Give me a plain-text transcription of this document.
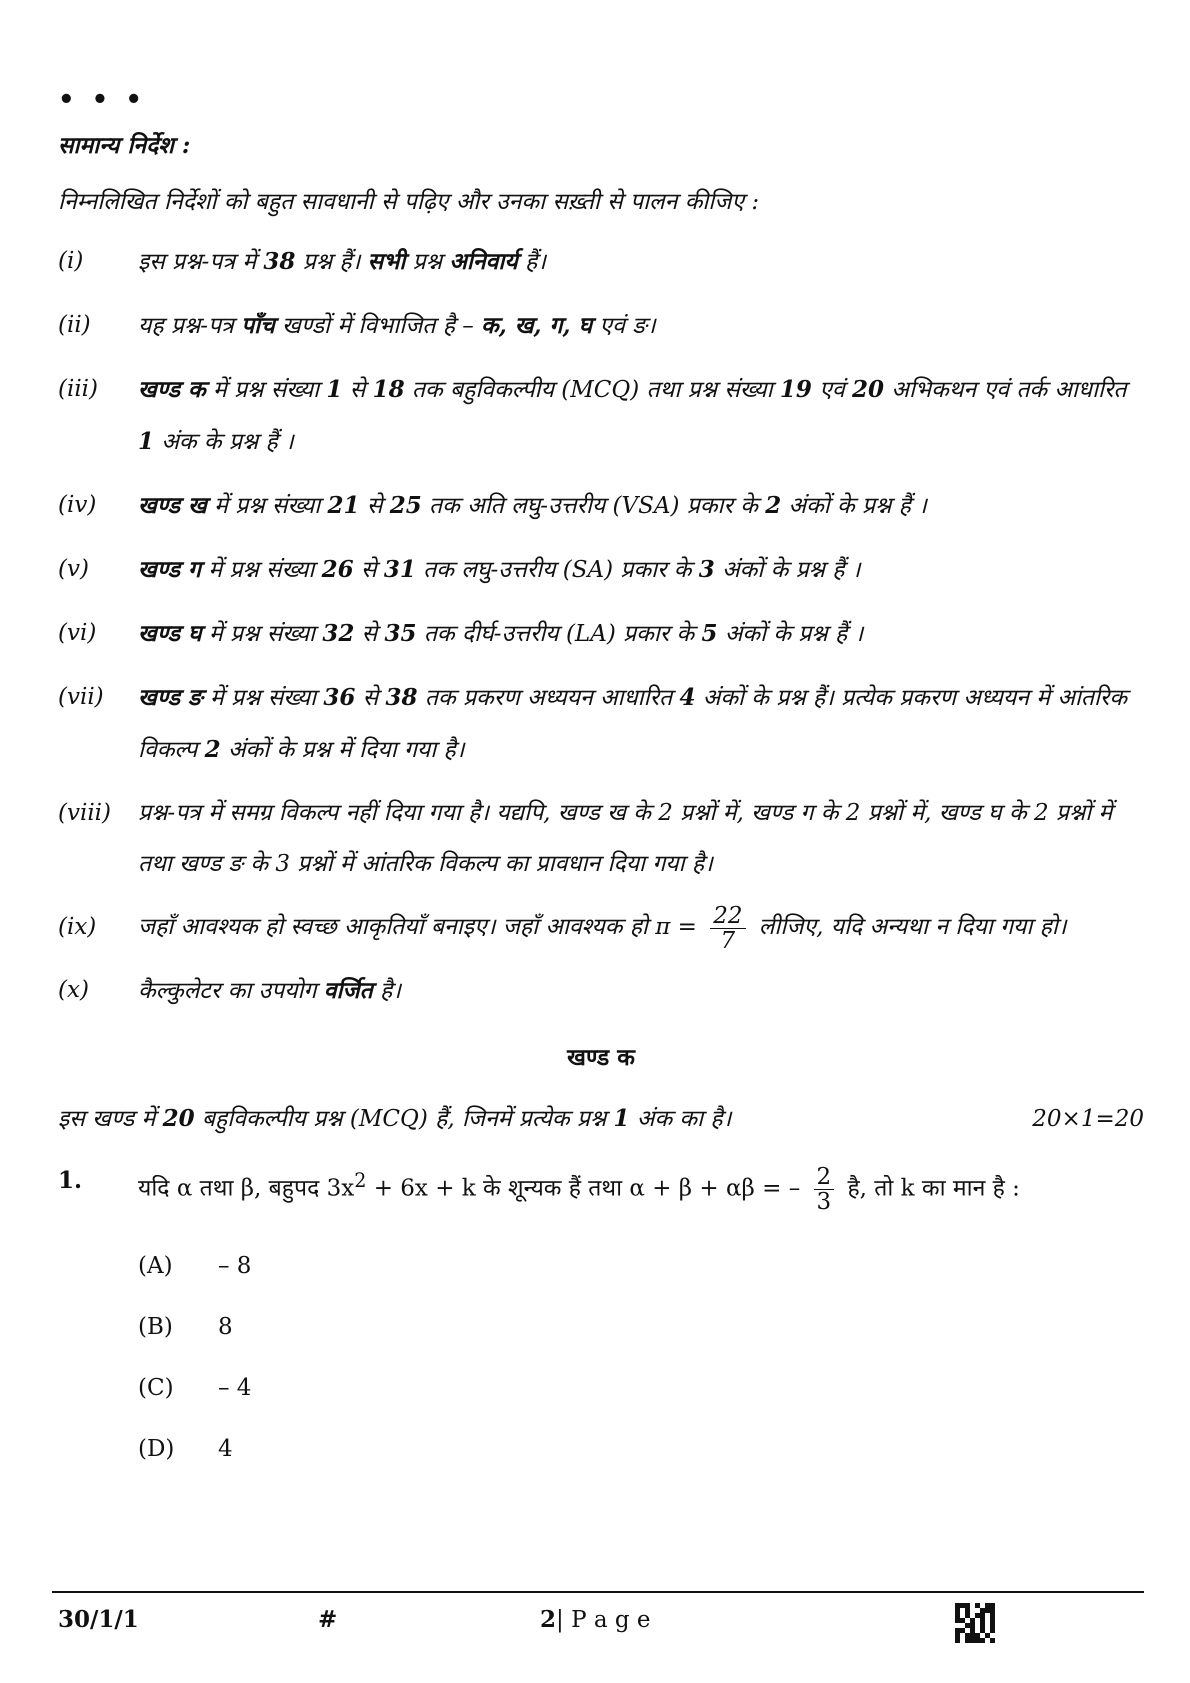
• • •
सामान्य निर्देश :
निम्नलिखित निर्देशों को बहुत सावधानी से पढ़िए और उनका सख़्ती से पालन कीजिए :
(i)	इस प्रश्न-पत्र में 38 प्रश्न हैं। सभी प्रश्न अनिवार्य हैं।
(ii)	यह प्रश्न-पत्र पाँच खण्डों में विभाजित है – क, ख, ग, घ एवं ङ।
(iii)	खण्ड क में प्रश्न संख्या 1 से 18 तक बहुविकल्पीय (MCQ) तथा प्रश्न संख्या 19 एवं 20 अभिकथन एवं तर्क आधारित 1 अंक के प्रश्न हैं ।
(iv)	खण्ड ख में प्रश्न संख्या 21 से 25 तक अति लघु-उत्तरीय (VSA) प्रकार के 2 अंकों के प्रश्न हैं ।
(v)	खण्ड ग में प्रश्न संख्या 26 से 31 तक लघु-उत्तरीय (SA) प्रकार के 3 अंकों के प्रश्न हैं ।
(vi)	खण्ड घ में प्रश्न संख्या 32 से 35 तक दीर्घ-उत्तरीय (LA) प्रकार के 5 अंकों के प्रश्न हैं ।
(vii)	खण्ड ङ में प्रश्न संख्या 36 से 38 तक प्रकरण अध्ययन आधारित 4 अंकों के प्रश्न हैं। प्रत्येक प्रकरण अध्ययन में आंतरिक विकल्प 2 अंकों के प्रश्न में दिया गया है।
(viii)	प्रश्न-पत्र में समग्र विकल्प नहीं दिया गया है। यद्यपि, खण्ड ख के 2 प्रश्नों में, खण्ड ग के 2 प्रश्नों में, खण्ड घ के 2 प्रश्नों में तथा खण्ड ङ के 3 प्रश्नों में आंतरिक विकल्प का प्रावधान दिया गया है।
(ix)	जहाँ आवश्यक हो स्वच्छ आकृतियाँ बनाइए। जहाँ आवश्यक हो $\pi = \frac{22}{7}$ लीजिए, यदि अन्यथा न दिया गया हो।
(x)	कैल्कुलेटर का उपयोग वर्जित है।
खण्ड क
इस खण्ड में 20 बहुविकल्पीय प्रश्न (MCQ) हैं, जिनमें प्रत्येक प्रश्न 1 अंक का है।	20×1=20
1.	यदि α तथा β, बहुपद $3x^2 + 6x + k$ के शून्यक हैं तथा α + β + αβ = – $\frac{2}{3}$ है, तो k का मान है :
(A)	– 8
(B)	8
(C)	– 4
(D)	4
30/1/1	#	2| P a g e
